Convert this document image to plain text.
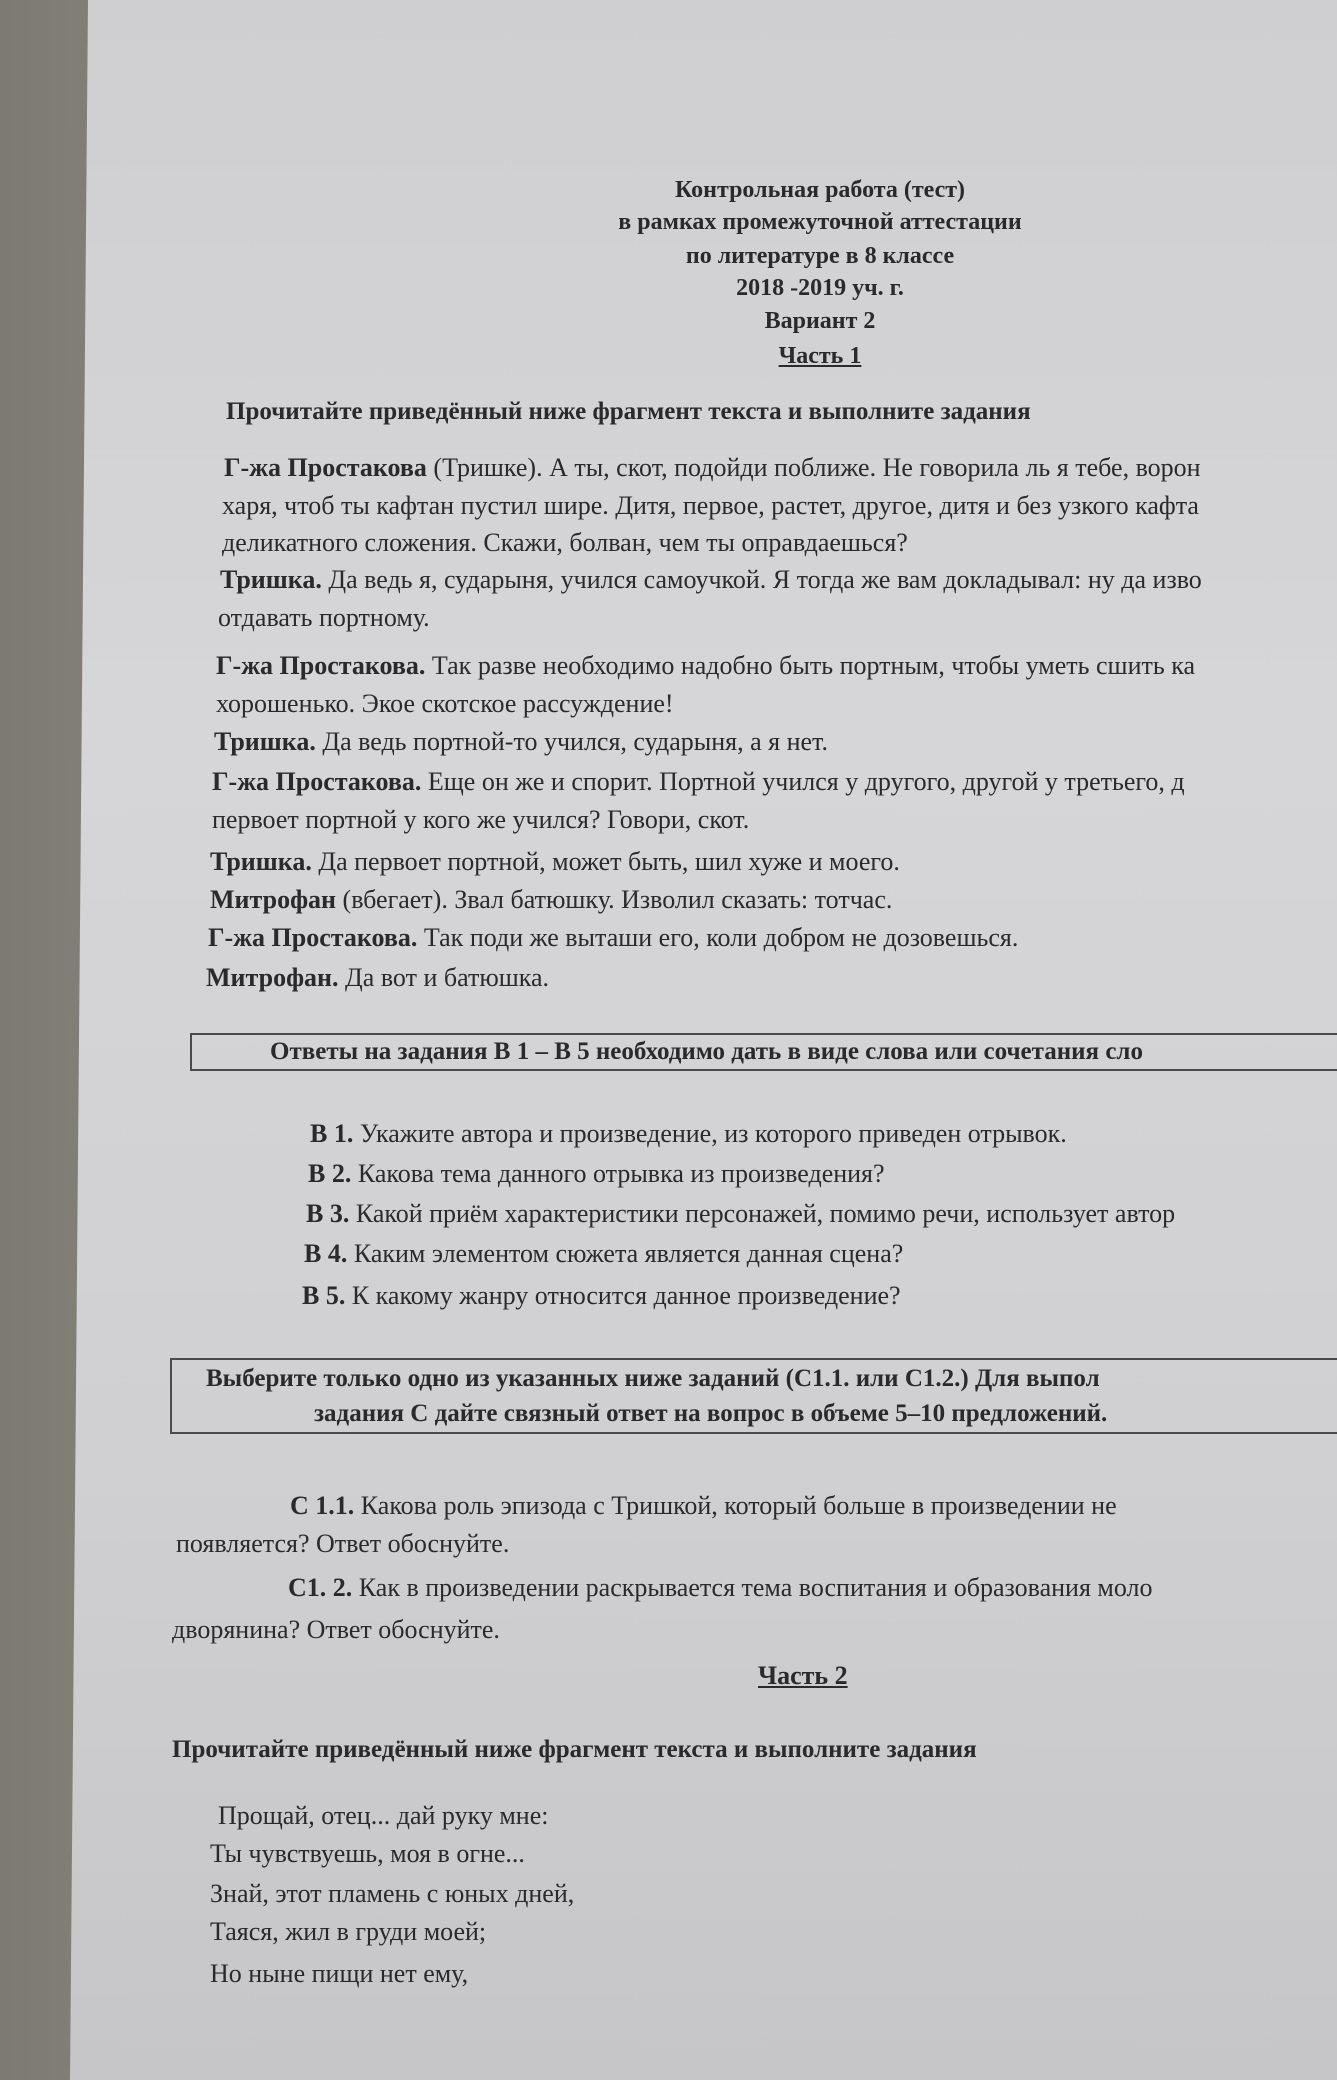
Контрольная работа (тест)
в рамках промежуточной аттестации
по литературе в 8 классе
2018 -2019 уч. г.
Вариант 2
Часть 1
Прочитайте приведённый ниже фрагмент текста и выполните задания
Г-жа Простакова (Тришке). А ты, скот, подойди поближе. Не говорила ль я тебе, ворон
харя, чтоб ты кафтан пустил шире. Дитя, первое, растет, другое, дитя и без узкого кафта
деликатного сложения. Скажи, болван, чем ты оправдаешься?
Тришка. Да ведь я, сударыня, учился самоучкой. Я тогда же вам докладывал: ну да изво
отдавать портному.
Г-жа Простакова. Так разве необходимо надобно быть портным, чтобы уметь сшить ка
хорошенько. Экое скотское рассуждение!
Тришка. Да ведь портной-то учился, сударыня, а я нет.
Г-жа Простакова. Еще он же и спорит. Портной учился у другого, другой у третьего, д
первоет портной у кого же учился? Говори, скот.
Тришка. Да первоет портной, может быть, шил хуже и моего.
Митрофан (вбегает). Звал батюшку. Изволил сказать: тотчас.
Г-жа Простакова. Так поди же выташи его, коли добром не дозовешься.
Митрофан. Да вот и батюшка.
Ответы на задания В 1 – В 5 необходимо дать в виде слова или сочетания сло
В 1. Укажите автора и произведение, из которого приведен отрывок.
В 2. Какова тема данного отрывка из произведения?
В 3. Какой приём характеристики персонажей, помимо речи, использует автор
В 4. Каким элементом сюжета является данная сцена?
В 5. К какому жанру относится данное произведение?
Выберите только одно из указанных ниже заданий (С1.1. или С1.2.) Для выпол
задания С дайте связный ответ на вопрос в объеме 5–10 предложений.
С 1.1. Какова роль эпизода с Тришкой, который больше в произведении не
появляется? Ответ обоснуйте.
С1. 2. Как в произведении раскрывается тема воспитания и образования моло
дворянина? Ответ обоснуйте.
Часть 2
Прочитайте приведённый ниже фрагмент текста и выполните задания
Прощай, отец... дай руку мне:
Ты чувствуешь, моя в огне...
Знай, этот пламень с юных дней,
Таяся, жил в груди моей;
Но ныне пищи нет ему,
